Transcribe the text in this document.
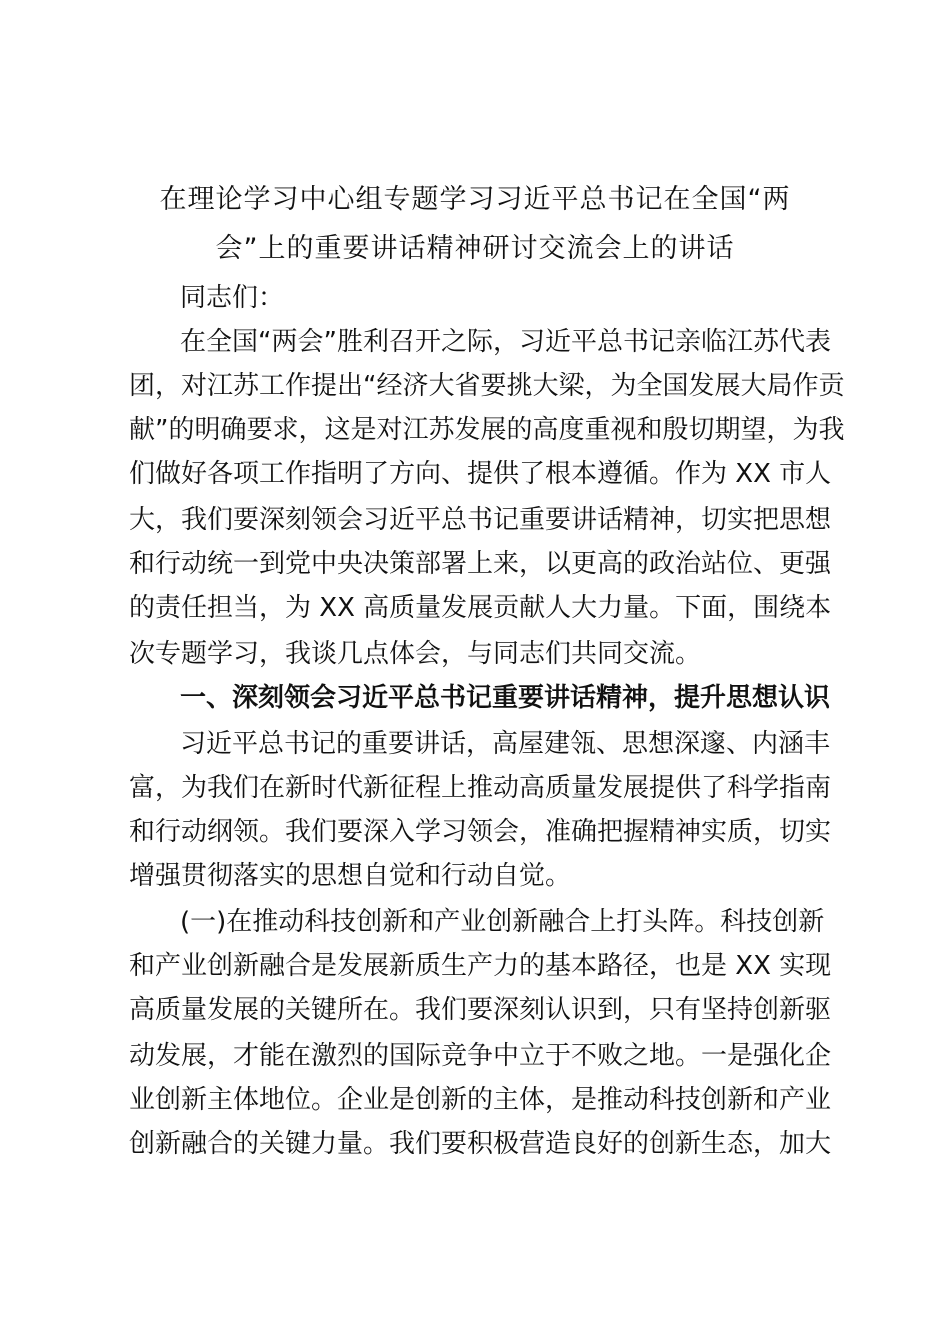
在理论学习中心组专题学习习近平总书记在全国“两
会”上的重要讲话精神研讨交流会上的讲话
同志们：
在全国“两会”胜利召开之际，习近平总书记亲临江苏代表
团，对江苏工作提出“经济大省要挑大梁，为全国发展大局作贡
献”的明确要求，这是对江苏发展的高度重视和殷切期望，为我
们做好各项工作指明了方向、提供了根本遵循。作为 XX 市人
大，我们要深刻领会习近平总书记重要讲话精神，切实把思想
和行动统一到党中央决策部署上来，以更高的政治站位、更强
的责任担当，为 XX 高质量发展贡献人大力量。下面，围绕本
次专题学习，我谈几点体会，与同志们共同交流。
一、深刻领会习近平总书记重要讲话精神，提升思想认识
习近平总书记的重要讲话，高屋建瓴、思想深邃、内涵丰
富，为我们在新时代新征程上推动高质量发展提供了科学指南
和行动纲领。我们要深入学习领会，准确把握精神实质，切实
增强贯彻落实的思想自觉和行动自觉。
(一)在推动科技创新和产业创新融合上打头阵。科技创新
和产业创新融合是发展新质生产力的基本路径，也是 XX 实现
高质量发展的关键所在。我们要深刻认识到，只有坚持创新驱
动发展，才能在激烈的国际竞争中立于不败之地。一是强化企
业创新主体地位。企业是创新的主体，是推动科技创新和产业
创新融合的关键力量。我们要积极营造良好的创新生态，加大
